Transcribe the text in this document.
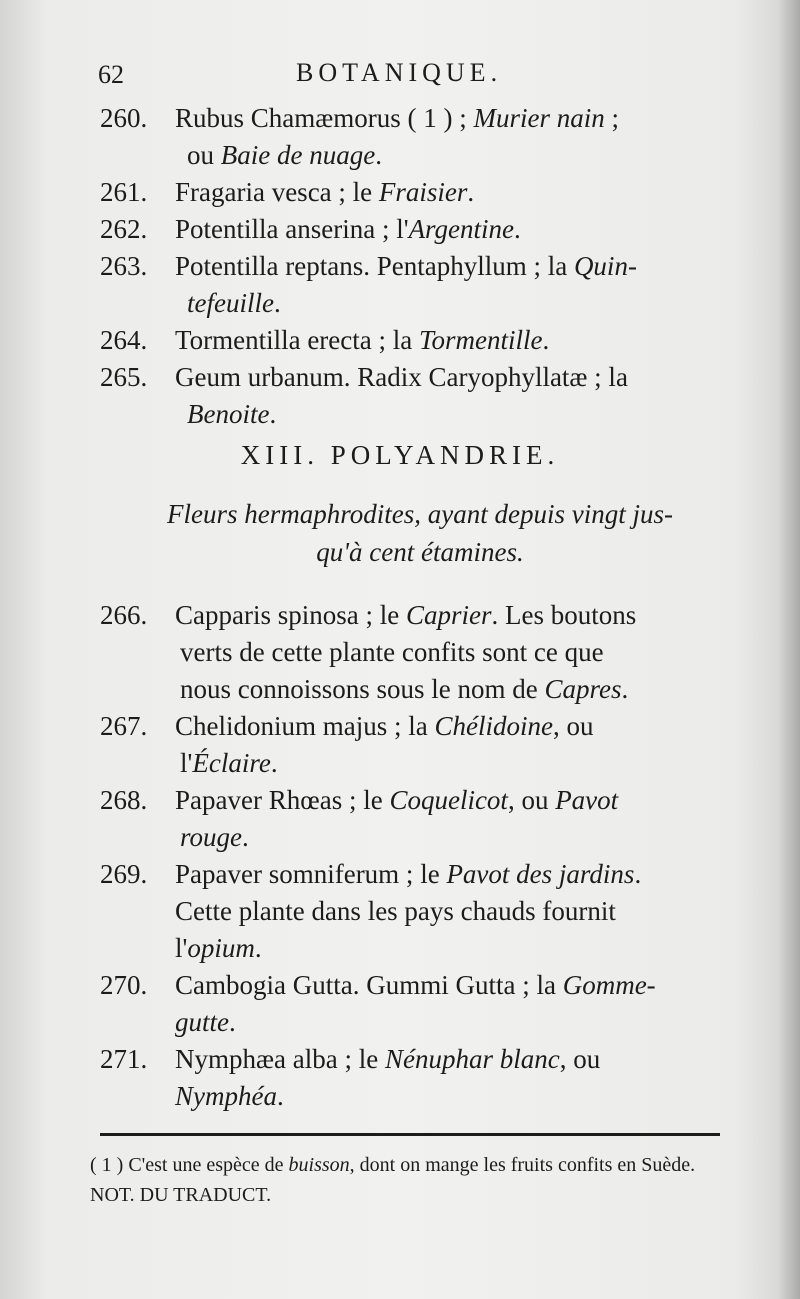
62	BOTANIQUE.
260.	Rubus Chamæmorus ( 1 ) ; Murier nain ;
ou Baie de nuage.
261.	Fragaria vesca ; le Fraisier.
262.	Potentilla anserina ; l'Argentine.
263.	Potentilla reptans. Pentaphyllum ; la Quin-
tefeuille.
264.	Tormentilla erecta ; la Tormentille.
265.	Geum urbanum. Radix Caryophyllatæ ; la
Benoite.
XIII. POLYANDRIE.
Fleurs hermaphrodites, ayant depuis vingt jus-
qu'à cent étamines.
266.	Capparis spinosa ; le Caprier. Les boutons
verts de cette plante confits sont ce que
nous connoissons sous le nom de Capres.
267.	Chelidonium majus ; la Chélidoine, ou
l'Éclaire.
268.	Papaver Rhœas ; le Coquelicot, ou Pavot
rouge.
269.	Papaver somniferum ; le Pavot des jardins.
Cette plante dans les pays chauds fournit
l'opium.
270.	Cambogia Gutta. Gummi Gutta ; la Gomme-
gutte.
271.	Nymphæa alba ; le Nénuphar blanc, ou
Nymphéa.
( 1 ) C'est une espèce de buisson, dont on mange les fruits confits en Suède. NOT. DU TRADUCT.
